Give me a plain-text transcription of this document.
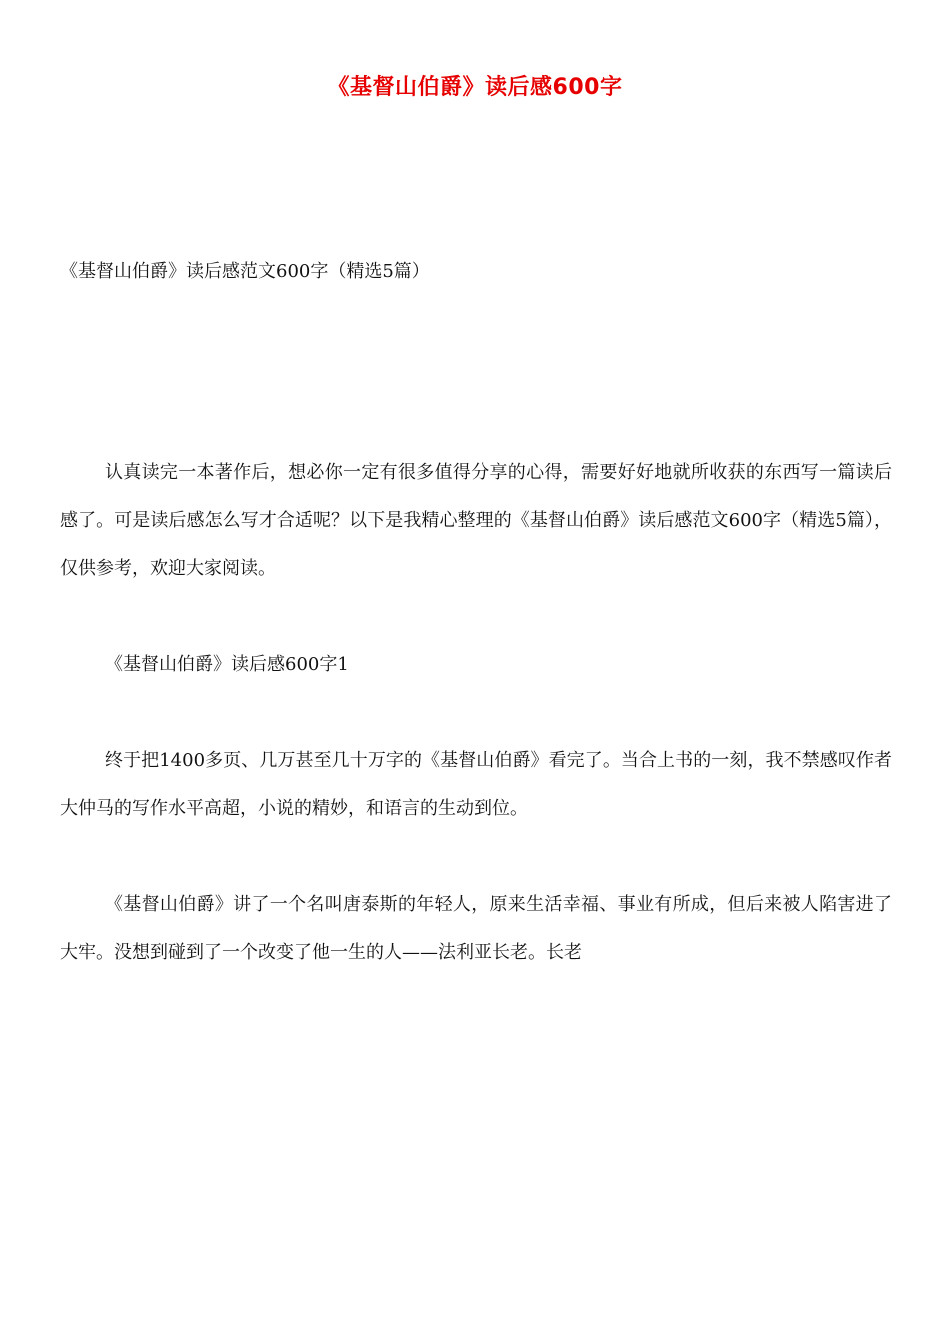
《基督山伯爵》读后感600字
《基督山伯爵》读后感范文600字（精选5篇）

认真读完一本著作后，想必你一定有很多值得分享的心得，需要好好地就所收获的东西写一篇读后感了。可是读后感怎么写才合适呢？以下是我精心整理的《基督山伯爵》读后感范文600字（精选5篇），仅供参考，欢迎大家阅读。

《基督山伯爵》读后感600字1

终于把1400多页、几万甚至几十万字的《基督山伯爵》看完了。当合上书的一刻，我不禁感叹作者大仲马的写作水平高超，小说的精妙，和语言的生动到位。

《基督山伯爵》讲了一个名叫唐泰斯的年轻人，原来生活幸福、事业有所成，但后来被人陷害进了大牢。没想到碰到了一个改变了他一生的人——法利亚长老。长老
